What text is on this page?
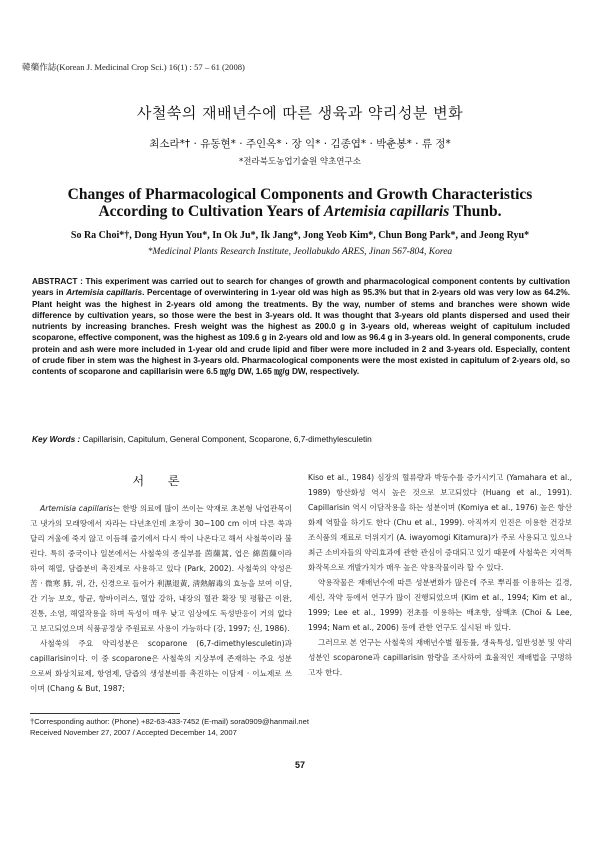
韓藥作誌(Korean J. Medicinal Crop Sci.) 16(1) : 57 – 61 (2008)
사철쑥의 재배년수에 따른 생육과 약리성분 변화
최소라*† · 유동현* · 주인옥* · 장 익* · 김종엽* · 박춘봉* · 류 정*
*전라북도농업기술원 약초연구소
Changes of Pharmacological Components and Growth Characteristics
According to Cultivation Years of Artemisia capillaris Thunb.
So Ra Choi*†, Dong Hyun You*, In Ok Ju*, Ik Jang*, Jong Yeob Kim*, Chun Bong Park*, and Jeong Ryu*
*Medicinal Plants Research Institute, Jeollabukdo ARES, Jinan 567-804, Korea
ABSTRACT : This experiment was carried out to search for changes of growth and pharmacological component contents by cultivation years in Artemisia capillaris. Percentage of overwintering in 1-year old was high as 95.3% but that in 2-years old was very low as 64.2%. Plant height was the highest in 2-years old among the treatments. By the way, number of stems and branches were shown wide difference by cultivation years, so those were the best in 3-years old. It was thought that 3-years old plants dispersed and used their nutrients by increasing branches. Fresh weight was the highest as 200.0 g in 3-years old, whereas weight of capitulum included scoparone, effective component, was the highest as 109.6 g in 2-years old and low as 96.4 g in 3-years old. In general components, crude protein and ash were more included in 1-year old and crude lipid and fiber were more included in 2 and 3-years old. Especially, content of crude fiber in stem was the highest in 3-years old. Pharmacological components were the most existed in capitulum of 2-years old, so contents of scoparone and capillarisin were 6.5 ㎎/g DW, 1.65 ㎎/g DW, respectively.
Key Words : Capillarisin, Capitulum, General Component, Scoparone, 6,7-dimethylesculetin
서 론

Artemisia capillaris는 한방 의료에 많이 쓰이는 약재로 초본형 낙엽관목이고 냇가의 모래땅에서 자라는 다년초인데 초장이 30~100 cm 이며 다른 쑥과 달리 겨울에 죽지 않고 이듬해 줄기에서 다시 싹이 나온다고 해서 사철쑥이라 불린다. 특히 중국이나 일본에서는 사철쑥의 종실부를 茵蔯蒿, 엽은 綿茵蔯이라 하여 해열, 담즙분비 촉진제로 사용하고 있다 (Park, 2002). 사철쑥의 약성은 苦 · 微寒 肺, 위, 간, 신경으로 들어가 利濕退黃, 淸熱解毒의 효능을 보여 이담, 간 기능 보호, 항균, 항바이러스, 혈압 강하, 내장의 혈관 확장 및 평활근 이완, 진통, 소염, 해열작용을 하며 독성이 매우 낮고 임상에도 독성반응이 거의 없다고 보고되었으며 식품공정상 주원료로 사용이 가능하다 (강, 1997; 신, 1986).

사철쑥의 주요 약리성분은 scoparone (6,7-dimethylesculetin)과 capillarisin이다. 이 중 scoparone은 사철쑥의 지상부에 존재하는 주요 성분으로써 화상치료제, 항염제, 담즙의 생성분비를 촉진하는 이담제 · 이뇨제로 쓰이며 (Chang & But, 1987;

Kiso et al., 1984) 심장의 혈류량과 박동수를 증가시키고 (Yamahara et al., 1989) 항산화성 역시 높은 것으로 보고되었다 (Huang et al., 1991). Capillarisin 역시 이담작용을 하는 성분이며 (Komiya et al., 1976) 높은 항산화제 역할을 하기도 한다 (Chu et al., 1999). 아직까지 인진은 이용한 건강보조식품의 재료로 더위지기 (A. iwayomogi Kitamura)가 주로 사용되고 있으나 최근 소비자들의 약리효과에 관한 관심이 증대되고 있기 때문에 사철쑥은 지역특화작목으로 개발가치가 매우 높은 약용작물이라 할 수 있다.

약용작물은 재배년수에 따른 성분변화가 많은데 주로 뿌리를 이용하는 길경, 세신, 작약 등에서 연구가 많이 진행되었으며 (Kim et al., 1994; Kim et al., 1999; Lee et al., 1999) 전초를 이용하는 배초향, 삼백초 (Choi & Lee, 1994; Nam et al., 2006) 등에 관한 연구도 실시된 바 있다.

그러므로 본 연구는 사철쑥의 재배년수별 월동률, 생육특성, 일반성분 및 약리성분인 scoparone과 capillarisin 함량을 조사하여 효율적인 재배법을 구명하고자 한다.

†Corresponding author: (Phone) +82-63-433-7452 (E-mail) sora0909@hanmail.net
Received November 27, 2007 / Accepted December 14, 2007
57
